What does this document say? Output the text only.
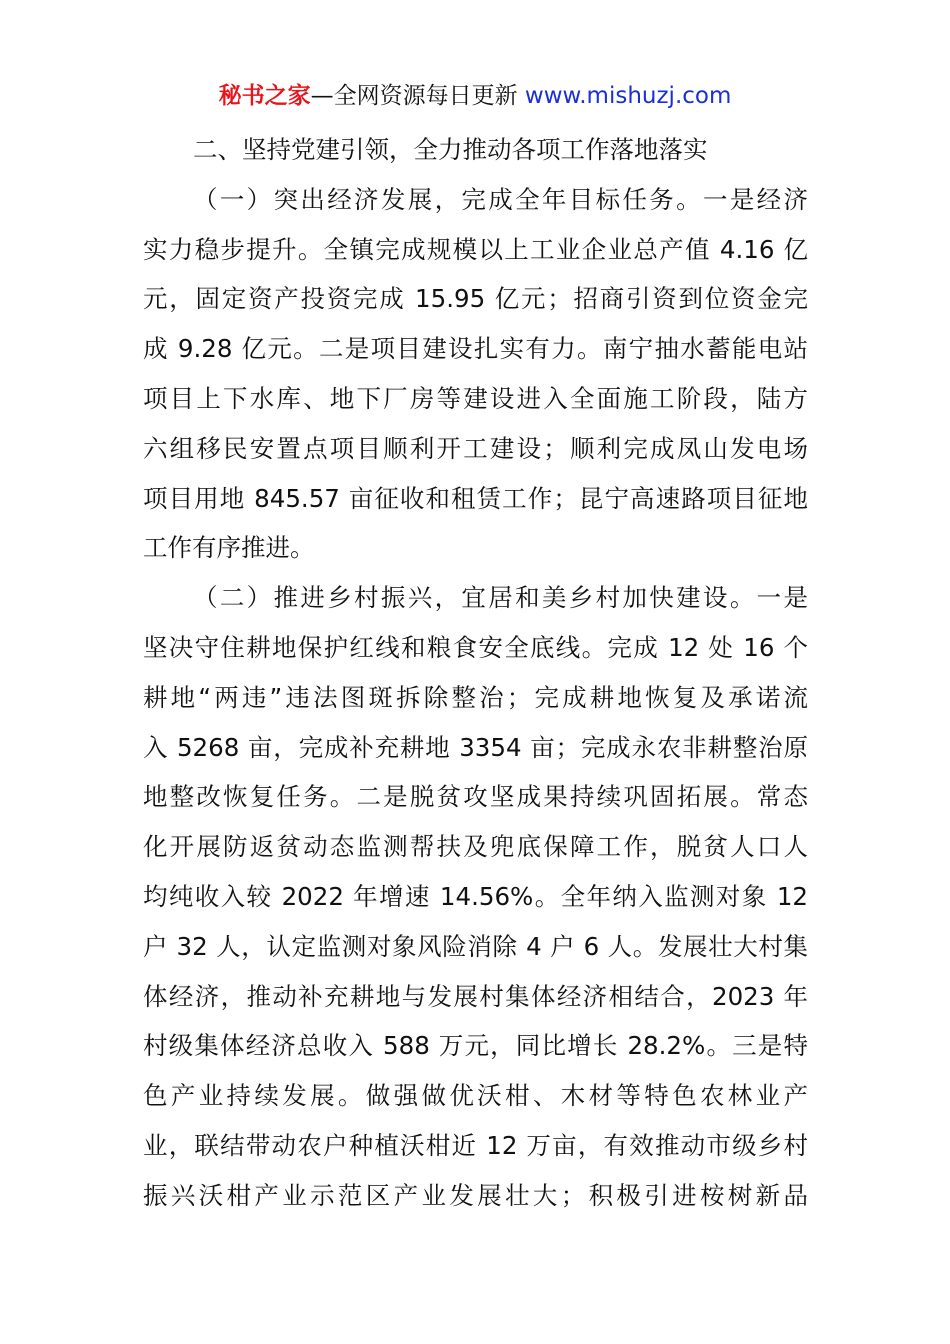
秘书之家—全网资源每日更新 www.mishuzj.com
二、坚持党建引领，全力推动各项工作落地落实
（一）突出经济发展，完成全年目标任务。一是经济
实力稳步提升。全镇完成规模以上工业企业总产值 4.16 亿
元，固定资产投资完成 15.95 亿元；招商引资到位资金完
成 9.28 亿元。二是项目建设扎实有力。南宁抽水蓄能电站
项目上下水库、地下厂房等建设进入全面施工阶段，陆方
六组移民安置点项目顺利开工建设；顺利完成凤山发电场
项目用地 845.57 亩征收和租赁工作；昆宁高速路项目征地
工作有序推进。
（二）推进乡村振兴，宜居和美乡村加快建设。一是
坚决守住耕地保护红线和粮食安全底线。完成 12 处 16 个
耕地“两违”违法图斑拆除整治；完成耕地恢复及承诺流
入 5268 亩，完成补充耕地 3354 亩；完成永农非耕整治原
地整改恢复任务。二是脱贫攻坚成果持续巩固拓展。常态
化开展防返贫动态监测帮扶及兜底保障工作，脱贫人口人
均纯收入较 2022 年增速 14.56%。全年纳入监测对象 12
户 32 人，认定监测对象风险消除 4 户 6 人。发展壮大村集
体经济，推动补充耕地与发展村集体经济相结合，2023 年
村级集体经济总收入 588 万元，同比增长 28.2%。三是特
色产业持续发展。做强做优沃柑、木材等特色农林业产
业，联结带动农户种植沃柑近 12 万亩，有效推动市级乡村
振兴沃柑产业示范区产业发展壮大；积极引进桉树新品
